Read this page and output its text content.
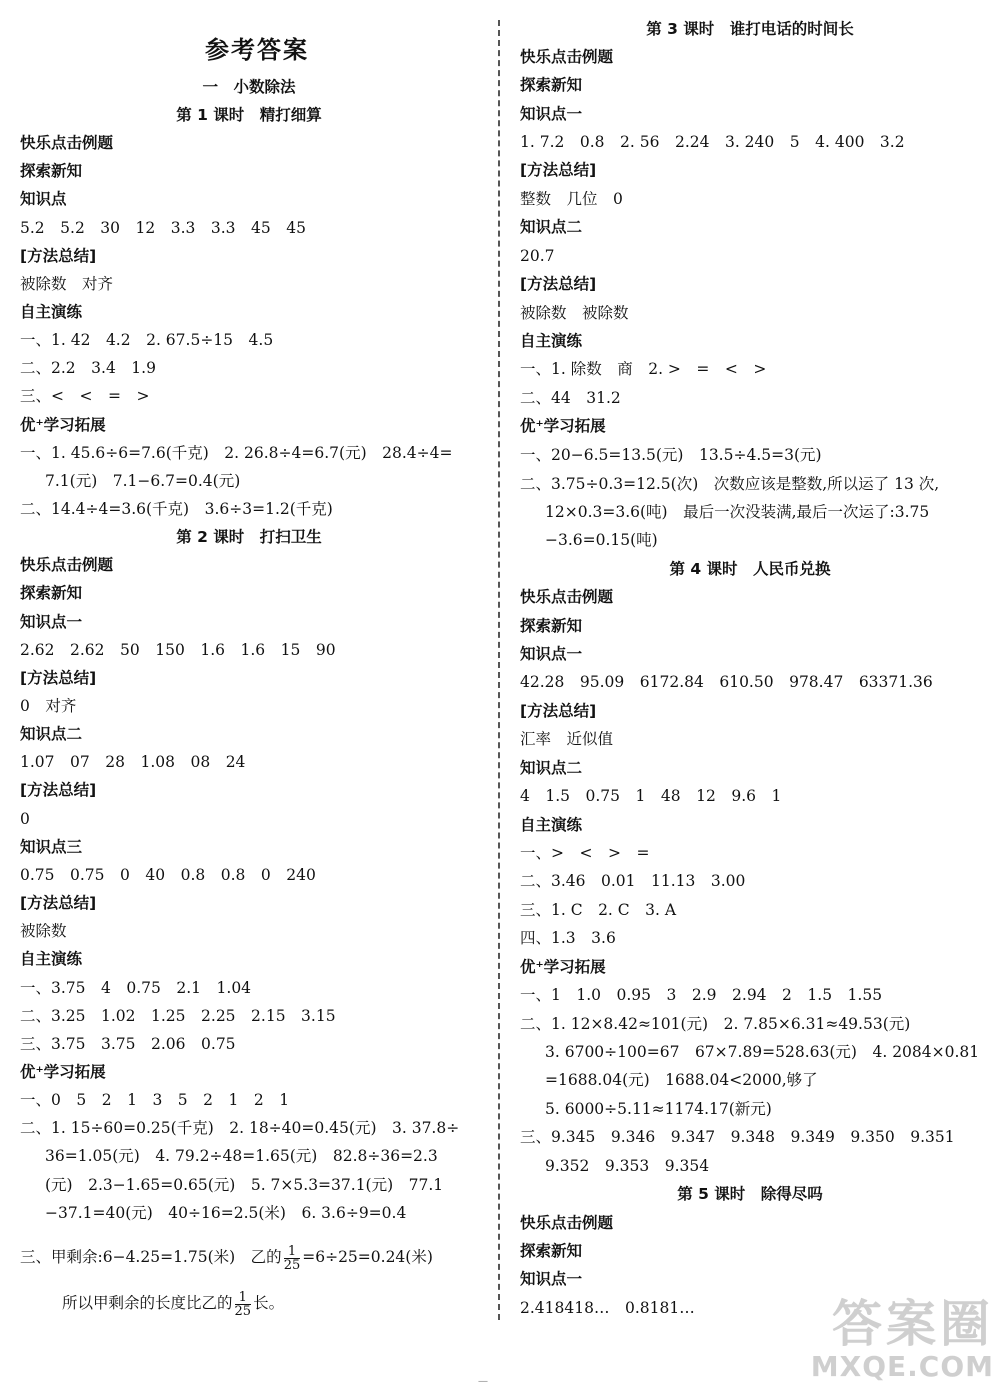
参考答案
一　小数除法
第 1 课时　精打细算
快乐点击例题
探索新知
知识点
5.2　5.2　30　12　3.3　3.3　45　45
[方法总结]
被除数　对齐
自主演练
一、1. 42　4.2　2. 67.5÷15　4.5
二、2.2　3.4　1.9
三、<　<　=　>
优⁺学习拓展
一、1. 45.6÷6=7.6(千克)　2. 26.8÷4=6.7(元)　28.4÷4=
7.1(元)　7.1−6.7=0.4(元)
二、14.4÷4=3.6(千克)　3.6÷3=1.2(千克)
第 2 课时　打扫卫生
快乐点击例题
探索新知
知识点一
2.62　2.62　50　150　1.6　1.6　15　90
[方法总结]
0　对齐
知识点二
1.07　07　28　1.08　08　24
[方法总结]
0
知识点三
0.75　0.75　0　40　0.8　0.8　0　240
[方法总结]
被除数
自主演练
一、3.75　4　0.75　2.1　1.04
二、3.25　1.02　1.25　2.25　2.15　3.15
三、3.75　3.75　2.06　0.75
优⁺学习拓展
一、0　5　2　1　3　5　2　1　2　1
二、1. 15÷60=0.25(千克)　2. 18÷40=0.45(元)　3. 37.8÷
36=1.05(元)　4. 79.2÷48=1.65(元)　82.8÷36=2.3
(元)　2.3−1.65=0.65(元)　5. 7×5.3=37.1(元)　77.1
−37.1=40(元)　40÷16=2.5(米)　6. 3.6÷9=0.4
三、甲剩余:6−4.25=1.75(米)　乙的 $\frac{1}{25} =6\div 25=0.24$(米)
所以甲剩余的长度比乙的 $\frac{1}{25}$ 长。
第 3 课时　谁打电话的时间长
快乐点击例题
探索新知
知识点一
1. 7.2　0.8　2. 56　2.24　3. 240　5　4. 400　3.2
[方法总结]
整数　几位　0
知识点二
20.7
[方法总结]
被除数　被除数
自主演练
一、1. 除数　商　2. >　=　<　>
二、44　31.2
优⁺学习拓展
一、20−6.5=13.5(元)　13.5÷4.5=3(元)
二、3.75÷0.3=12.5(次)　次数应该是整数,所以运了 13 次,
12×0.3=3.6(吨)　最后一次没装满,最后一次运了:3.75
−3.6=0.15(吨)
第 4 课时　人民币兑换
快乐点击例题
探索新知
知识点一
42.28　95.09　6172.84　610.50　978.47　63371.36
[方法总结]
汇率　近似值
知识点二
4　1.5　0.75　1　48　12　9.6　1
自主演练
一、>　<　>　=
二、3.46　0.01　11.13　3.00
三、1. C　2. C　3. A
四、1.3　3.6
优⁺学习拓展
一、1　1.0　0.95　3　2.9　2.94　2　1.5　1.55
二、1. 12×8.42≈101(元)　2. 7.85×6.31≈49.53(元)
3. 6700÷100=67　67×7.89=528.63(元)　4. 2084×0.81
=1688.04(元)　1688.04<2000,够了
5. 6000÷5.11≈1174.17(新元)
三、9.345　9.346　9.347　9.348　9.349　9.350　9.351
9.352　9.353　9.354
第 5 课时　除得尽吗
快乐点击例题
探索新知
知识点一
2.418418…　0.8181…
—
答案圈
MXQE.COM
